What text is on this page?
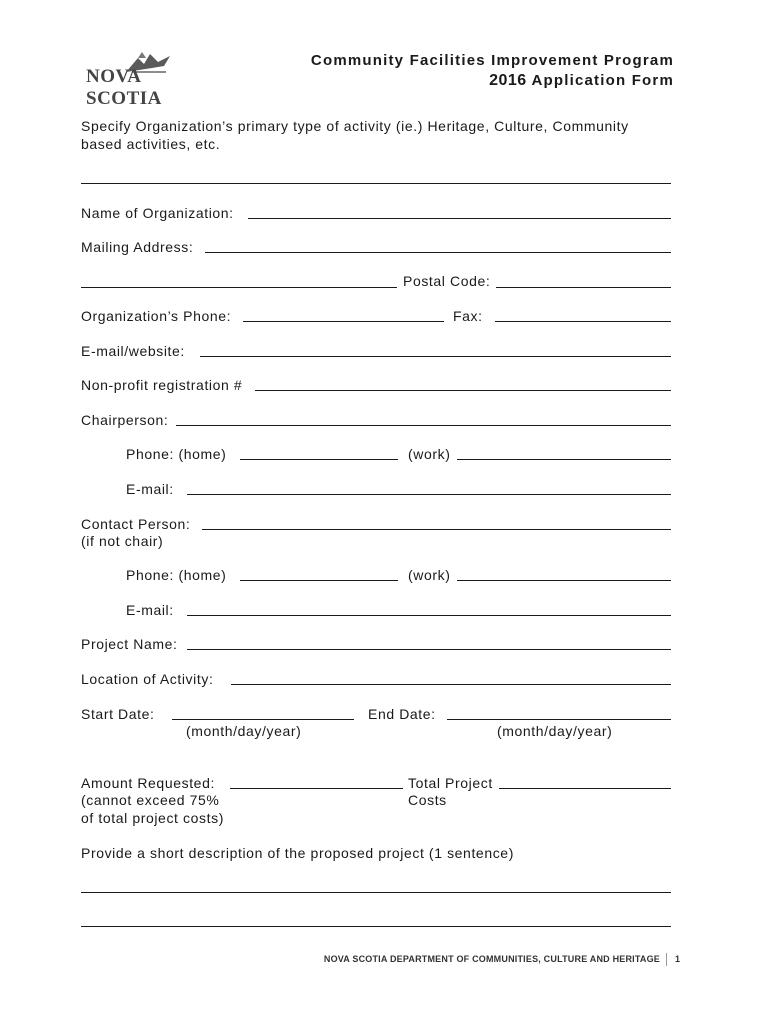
NOVA SCOTIA
Community Facilities Improvement Program
2016 Application Form
Specify Organization’s primary type of activity (ie.) Heritage, Culture, Community
based activities, etc.
Name of Organization:
Mailing Address:
Postal Code:
Organization’s Phone:	Fax:
E-mail/website:
Non-profit registration #
Chairperson:
Phone: (home)	(work)
E-mail:
Contact Person:
(if not chair)
Phone: (home)	(work)
E-mail:
Project Name:
Location of Activity:
Start Date:	End Date:
(month/day/year)	(month/day/year)
Amount Requested:
(cannot exceed 75%
of total project costs)
Total Project
Costs
Provide a short description of the proposed project (1 sentence)
NOVA SCOTIA DEPARTMENT OF COMMUNITIES, CULTURE AND HERITAGE 1
